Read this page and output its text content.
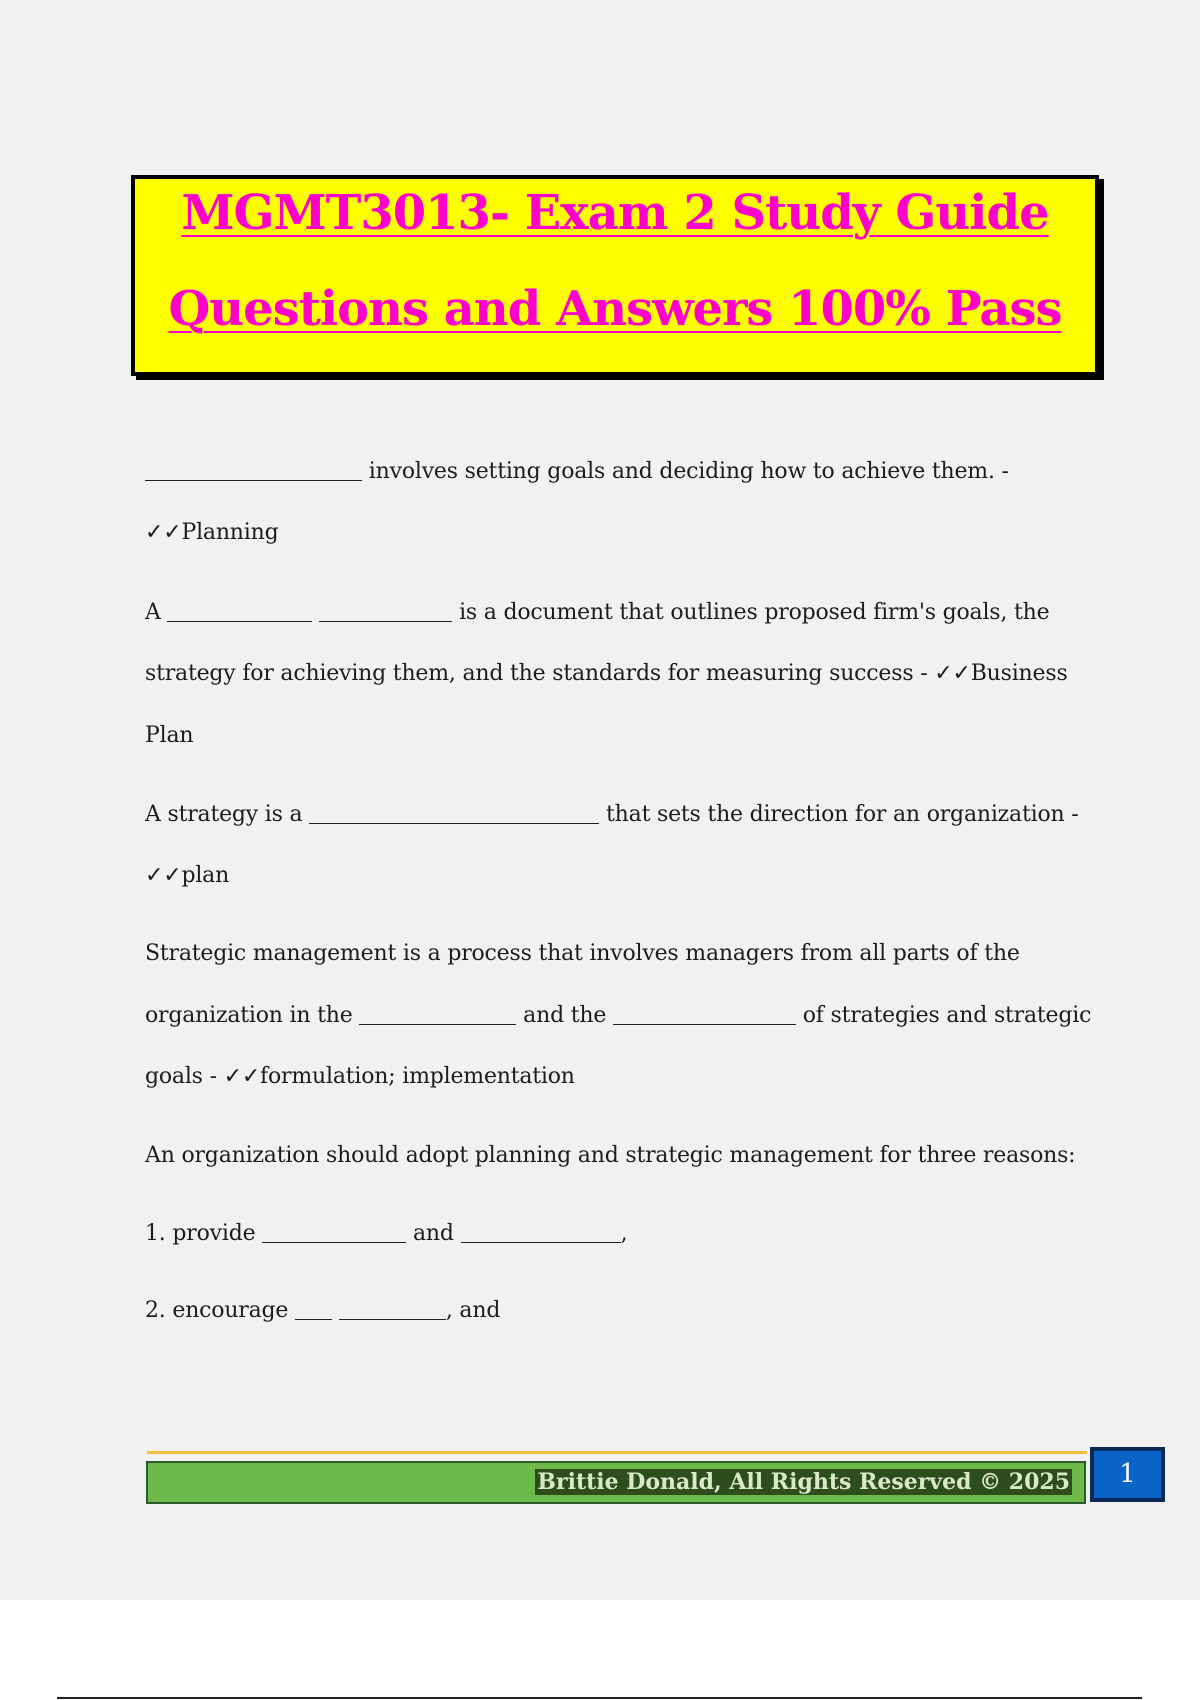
MGMT3013- Exam 2 Study Guide
Questions and Answers 100% Pass
involves setting goals and deciding how to achieve them. -
✓✓Planning
A	is a document that outlines proposed firm's goals, the
strategy for achieving them, and the standards for measuring success - ✓✓Business
Plan
A strategy is a	that sets the direction for an organization -
✓✓plan
Strategic management is a process that involves managers from all parts of the
organization in the	and the	of strategies and strategic
goals - ✓✓formulation; implementation
An organization should adopt planning and strategic management for three reasons:
1. provide	and	,
2. encourage	, and
Brittie Donald, All Rights Reserved © 2025	1
